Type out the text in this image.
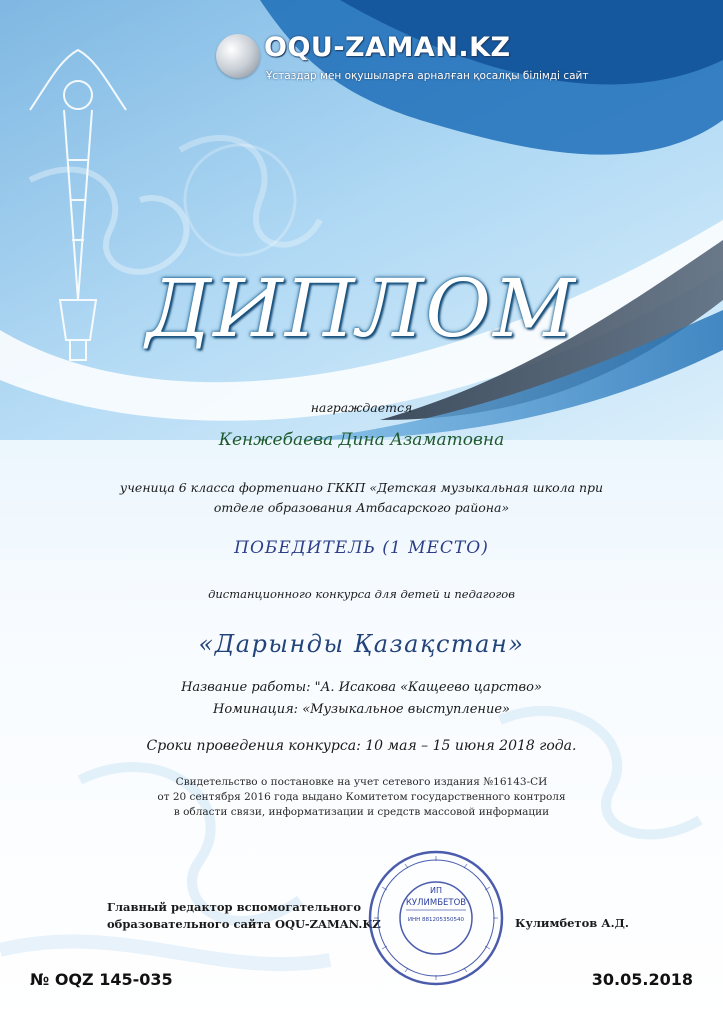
OQU-ZAMAN.KZ
Ұстаздар мен оқушыларға арналған қосалқы білімді сайт
ДИПЛОМ
награждается
Кенжебаева Дина Азаматовна
ученица 6 класса фортепиано ГККП «Детская музыкальная школа при
отделе образования Атбасарского района»
ПОБЕДИТЕЛЬ (1 МЕСТО)
дистанционного конкурса для детей и педагогов
«Дарынды Қазақстан»
Название работы: "А. Исакова «Кащеево царство»
Номинация: «Музыкальное выступление»
Сроки проведения конкурса: 10 мая – 15 июня 2018 года.
Свидетельство о постановке на учет сетевого издания №16143-СИ
от 20 сентября 2016 года выдано Комитетом государственного контроля
в области связи, информатизации и средств массовой информации
Главный редактор вспомогательного
образовательного сайта OQU-ZAMAN.KZ
ИП
КУЛИМБЕТОВ
ИНН 881205350540	Кулимбетов А.Д.
№ OQZ 145-035	30.05.2018
